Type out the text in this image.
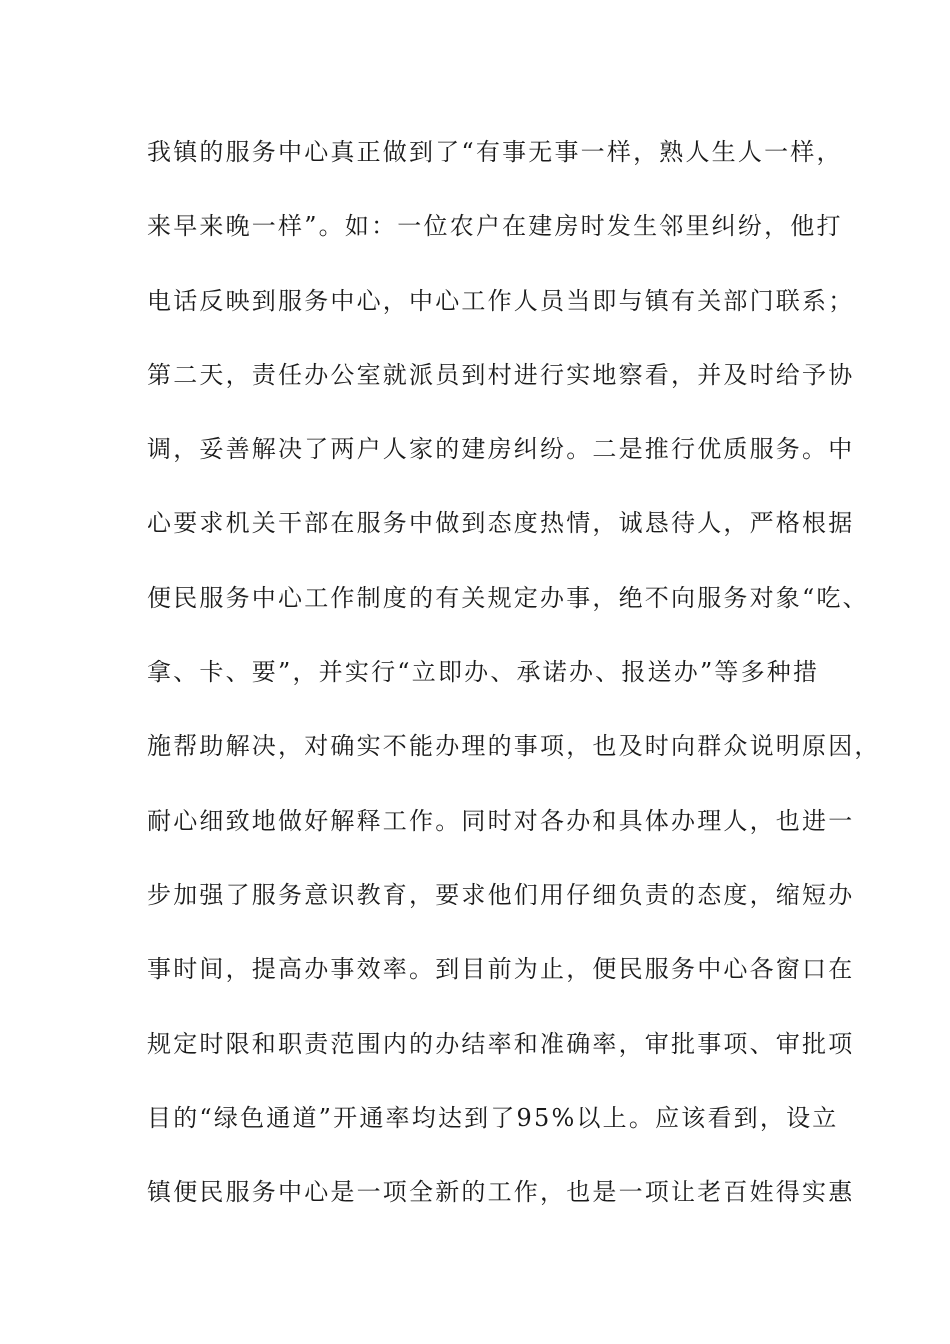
我镇的服务中心真正做到了“有事无事一样，熟人生人一样，
来早来晚一样”。如：一位农户在建房时发生邻里纠纷，他打
电话反映到服务中心，中心工作人员当即与镇有关部门联系；
第二天，责任办公室就派员到村进行实地察看，并及时给予协
调，妥善解决了两户人家的建房纠纷。二是推行优质服务。中
心要求机关干部在服务中做到态度热情，诚恳待人，严格根据
便民服务中心工作制度的有关规定办事，绝不向服务对象“吃、
拿、卡、要”，并实行“立即办、承诺办、报送办”等多种措
施帮助解决，对确实不能办理的事项，也及时向群众说明原因，
耐心细致地做好解释工作。同时对各办和具体办理人，也进一
步加强了服务意识教育，要求他们用仔细负责的态度，缩短办
事时间，提高办事效率。到目前为止，便民服务中心各窗口在
规定时限和职责范围内的办结率和准确率，审批事项、审批项
目的“绿色通道”开通率均达到了95%以上。应该看到，设立
镇便民服务中心是一项全新的工作，也是一项让老百姓得实惠
